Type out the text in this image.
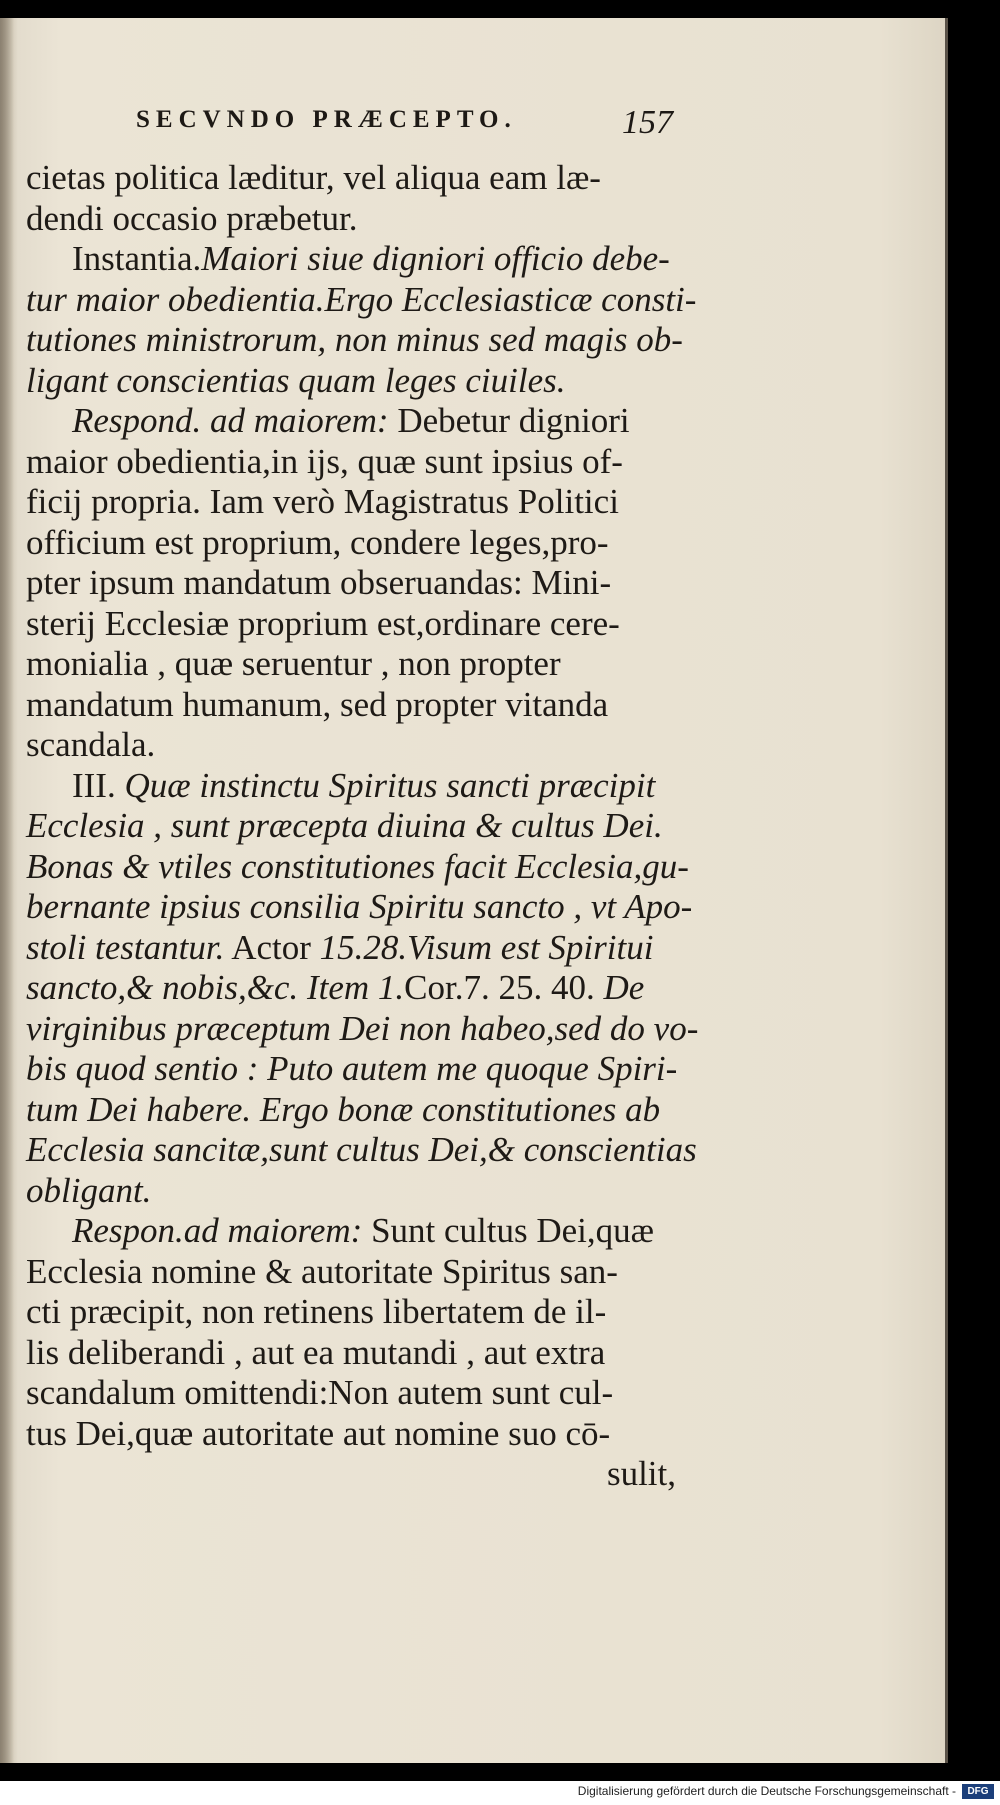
SECVNDO PRÆCEPTO.	157
cietas politica læditur, vel aliqua eam læ-
dendi occasio præbetur.
Instantia.Maiori siue digniori officio debe-
tur maior obedientia.Ergo Ecclesiasticæ consti-
tutiones ministrorum, non minus sed magis ob-
ligant conscientias quam leges ciuiles.
Respond. ad maiorem: Debetur digniori
maior obedientia,in ijs, quæ sunt ipsius of-
ficij propria. Iam verò Magistratus Politici
officium est proprium, condere leges,pro-
pter ipsum mandatum obseruandas: Mini-
sterij Ecclesiæ proprium est,ordinare cere-
monialia , quæ seruentur , non propter
mandatum humanum, sed propter vitanda
scandala.
III. Quæ instinctu Spiritus sancti præcipit
Ecclesia , sunt præcepta diuina & cultus Dei.
Bonas & vtiles constitutiones facit Ecclesia,gu-
bernante ipsius consilia Spiritu sancto , vt Apo-
stoli testantur. Actor 15.28.Visum est Spiritui
sancto,& nobis,&c. Item 1.Cor.7. 25. 40. De
virginibus præceptum Dei non habeo,sed do vo-
bis quod sentio : Puto autem me quoque Spiri-
tum Dei habere. Ergo bonæ constitutiones ab
Ecclesia sancitæ,sunt cultus Dei,& conscientias
obligant.
Respon.ad maiorem: Sunt cultus Dei,quæ
Ecclesia nomine & autoritate Spiritus san-
cti præcipit, non retinens libertatem de il-
lis deliberandi , aut ea mutandi , aut extra
scandalum omittendi:Non autem sunt cul-
tus Dei,quæ autoritate aut nomine suo cō-
sulit,
Digitalisierung gefördert durch die Deutsche Forschungsgemeinschaft -	DFG
